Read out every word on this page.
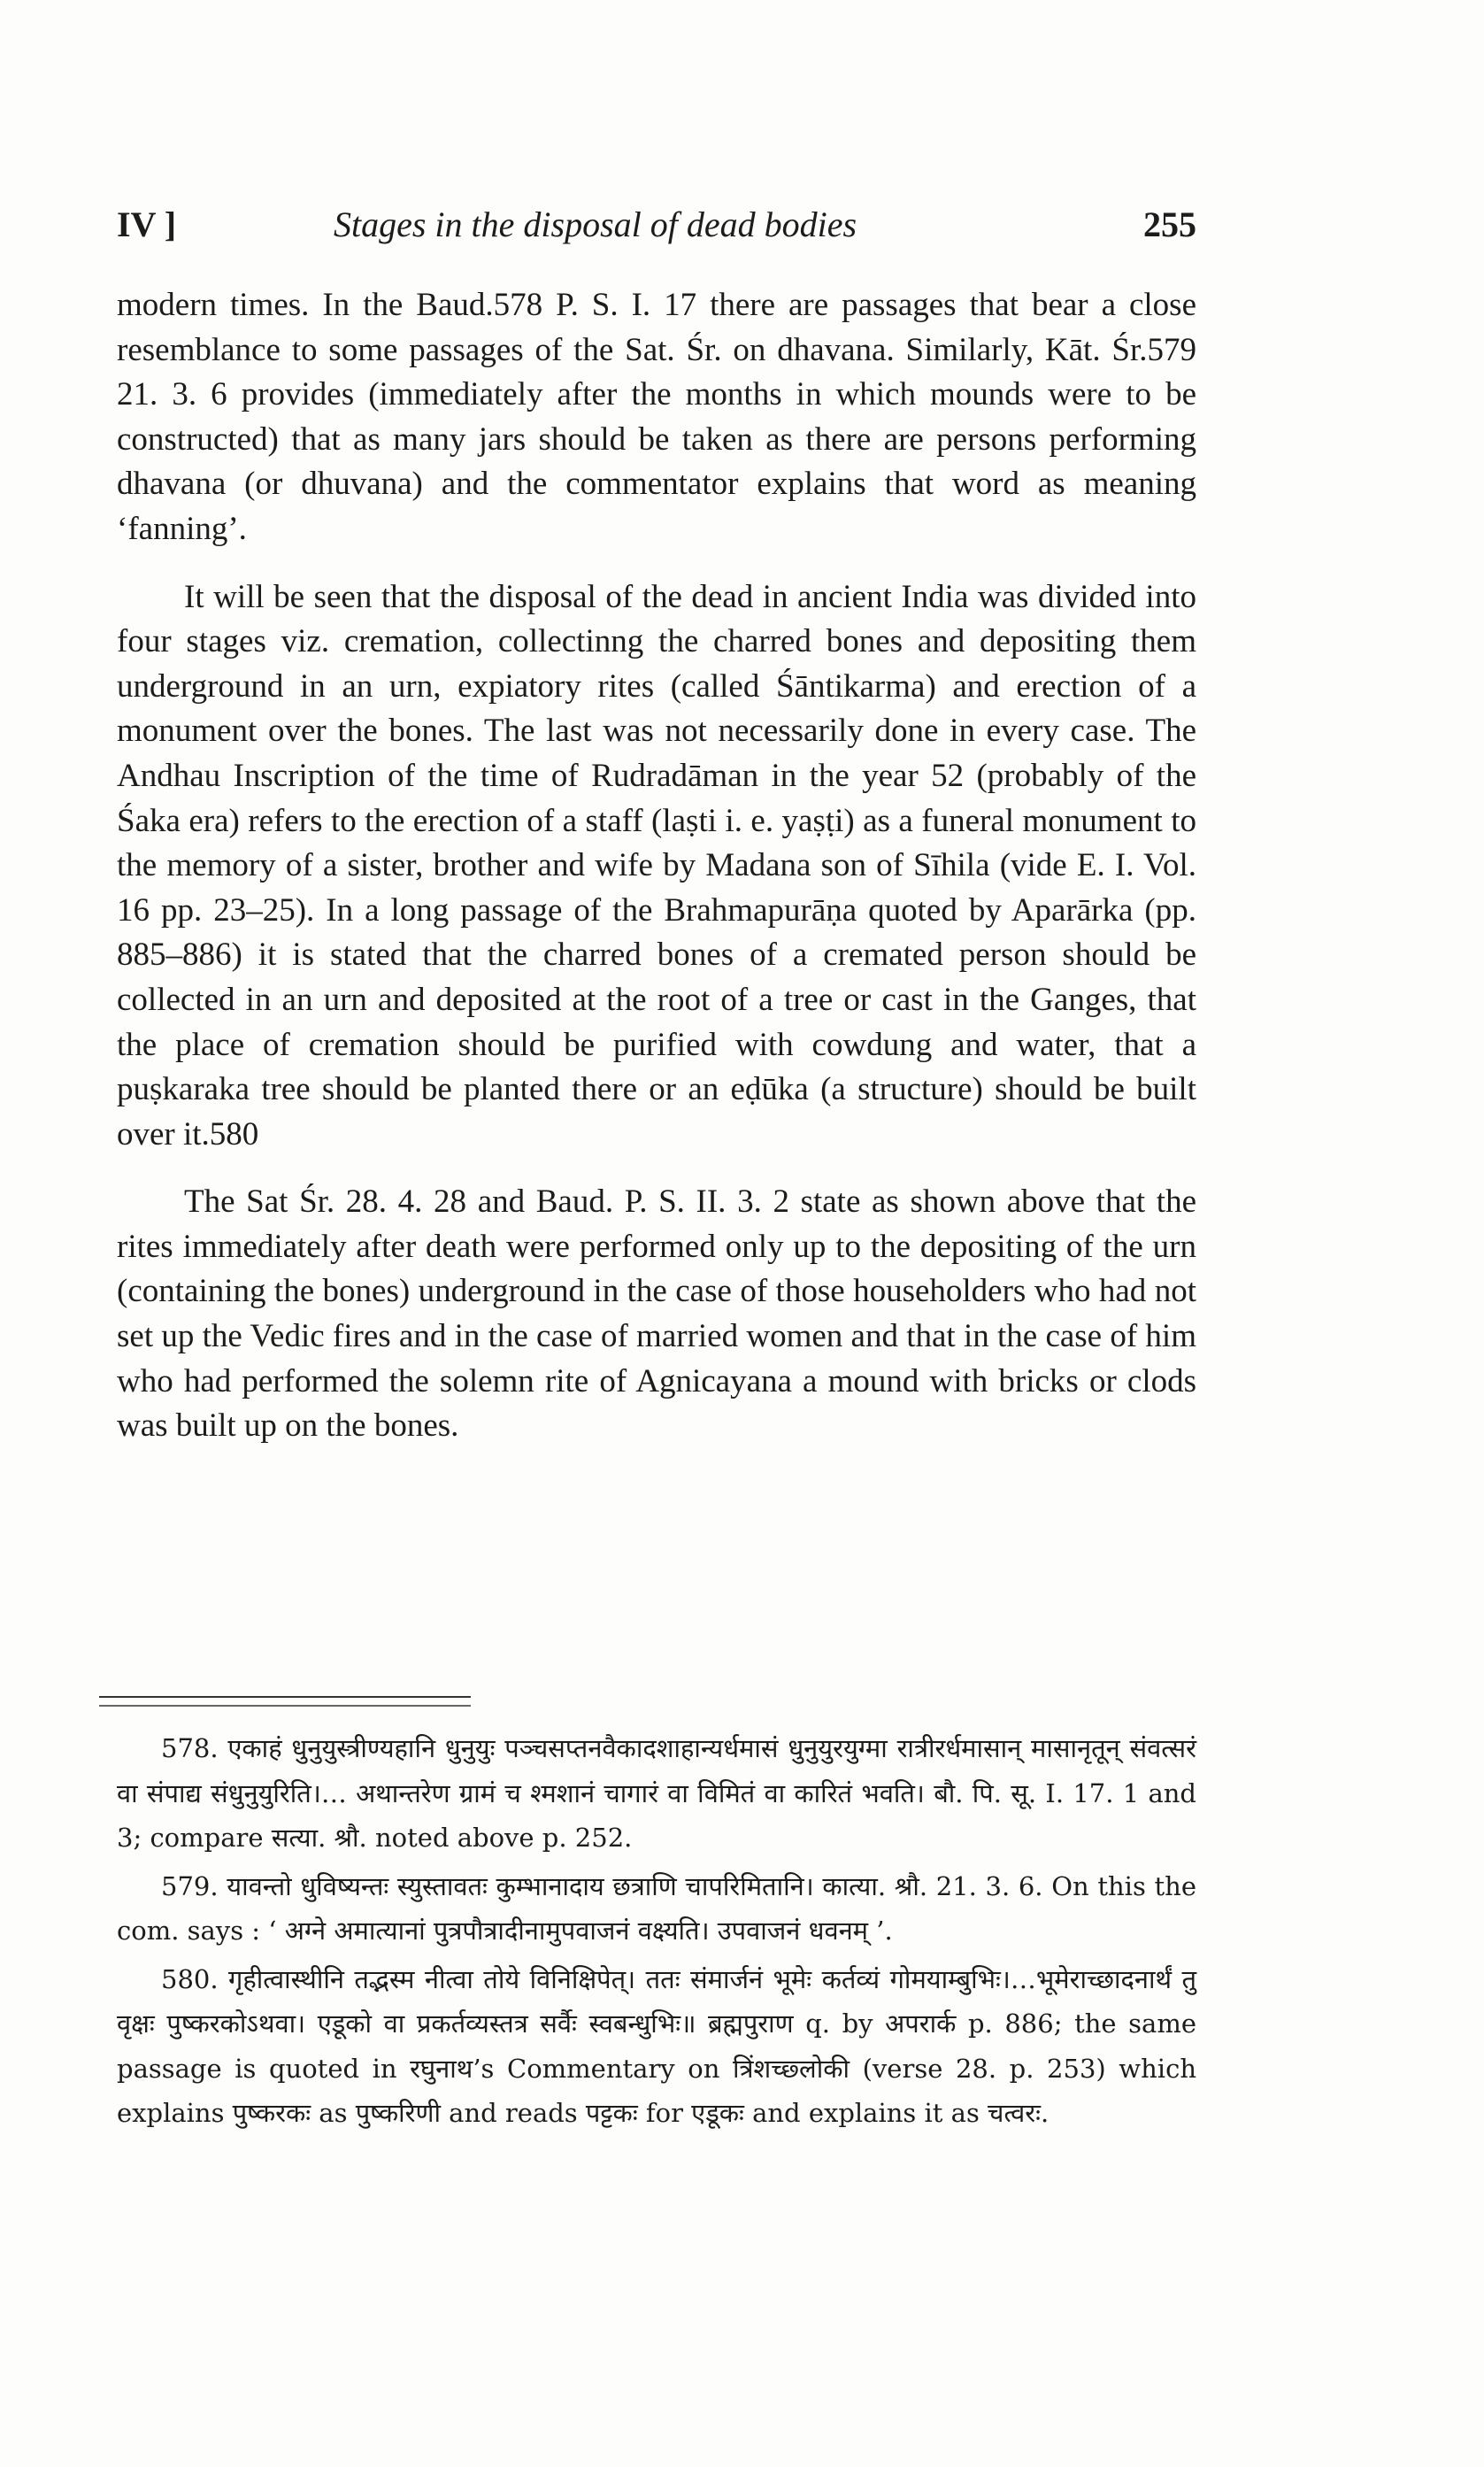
IV ]	Stages in the disposal of dead bodies	255

modern times. In the Baud.578 P. S. I. 17 there are passages that bear a close resemblance to some passages of the Sat. Śr. on dhavana. Similarly, Kāt. Śr.579 21. 3. 6 provides (immediately after the months in which mounds were to be constructed) that as many jars should be taken as there are persons performing dhavana (or dhuvana) and the commentator explains that word as meaning ‘fanning’.

It will be seen that the disposal of the dead in ancient India was divided into four stages viz. cremation, collectinng the charred bones and depositing them underground in an urn, expiatory rites (called Śāntikarma) and erection of a monument over the bones. The last was not necessarily done in every case. The Andhau Inscription of the time of Rudradāman in the year 52 (probably of the Śaka era) refers to the erection of a staff (laṣti i. e. yaṣṭi) as a funeral monument to the memory of a sister, brother and wife by Madana son of Sīhila (vide E. I. Vol. 16 pp. 23–25). In a long passage of the Brahmapurāṇa quoted by Aparārka (pp. 885–886) it is stated that the charred bones of a cremated person should be collected in an urn and deposited at the root of a tree or cast in the Ganges, that the place of cremation should be purified with cowdung and water, that a puṣkaraka tree should be planted there or an eḍūka (a structure) should be built over it.580

The Sat Śr. 28. 4. 28 and Baud. P. S. II. 3. 2 state as shown above that the rites immediately after death were performed only up to the depositing of the urn (containing the bones) underground in the case of those householders who had not set up the Vedic fires and in the case of married women and that in the case of him who had performed the solemn rite of Agnicayana a mound with bricks or clods was built up on the bones.

578. एकाहं धुनुयुस्त्रीण्यहानि धुनुयुः पञ्चसप्तनवैकादशाहान्यर्धमासं धुनुयुरयुग्मा रात्रीरर्धमासान् मासानृतून् संवत्सरं वा संपाद्य संधुनुयुरिति।… अथान्तरेण ग्रामं च श्मशानं चागारं वा विमितं वा कारितं भवति। बौ. पि. सू. I. 17. 1 and 3; compare सत्या. श्रौ. noted above p. 252.

579. यावन्तो धुविष्यन्तः स्युस्तावतः कुम्भानादाय छत्राणि चापरिमितानि। कात्या. श्रौ. 21. 3. 6. On this the com. says : ‘ अग्ने अमात्यानां पुत्रपौत्रादीनामुपवाजनं वक्ष्यति। उपवाजनं धवनम् ’.

580. गृहीत्वास्थीनि तद्भस्म नीत्वा तोये विनिक्षिपेत्। ततः संमार्जनं भूमेः कर्तव्यं गोमयाम्बुभिः।…भूमेराच्छादनार्थं तु वृक्षः पुष्करकोऽथवा। एडूको वा प्रकर्तव्यस्तत्र सर्वैः स्वबन्धुभिः॥ ब्रह्मपुराण q. by अपरार्क p. 886; the same passage is quoted in रघुनाथ’s Commentary on त्रिंशच्छ्लोकी (verse 28. p. 253) which explains पुष्करकः as पुष्करिणी and reads पट्टकः for एडूकः and explains it as चत्वरः.
